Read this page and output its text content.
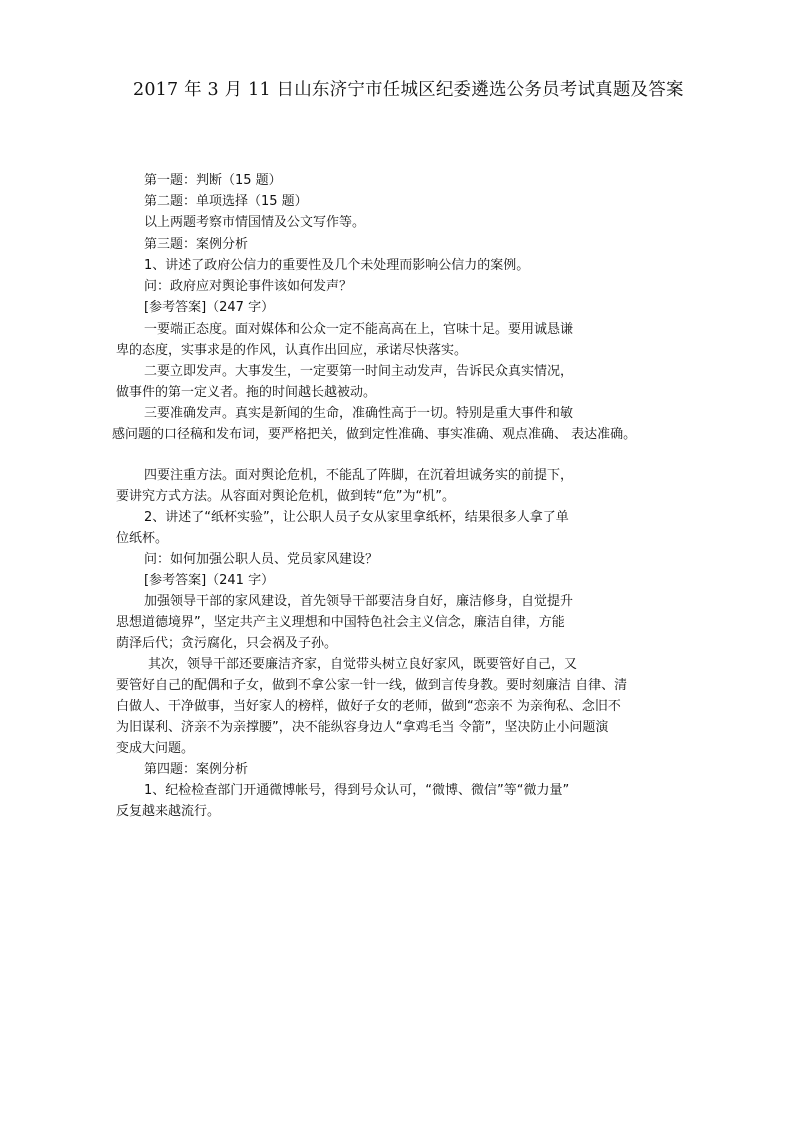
2017 年 3 月 11 日山东济宁市任城区纪委遴选公务员考试真题及答案
第一题：判断（15 题）
第二题：单项选择（15 题）
以上两题考察市情国情及公文写作等。
第三题：案例分析
1、讲述了政府公信力的重要性及几个未处理而影响公信力的案例。
问：政府应对舆论事件该如何发声？
[参考答案]（247 字）
一要端正态度。面对媒体和公众一定不能高高在上，官味十足。要用诚恳谦
卑的态度，实事求是的作风，认真作出回应，承诺尽快落实。
二要立即发声。大事发生，一定要第一时间主动发声，告诉民众真实情况，
做事件的第一定义者。拖的时间越长越被动。
三要准确发声。真实是新闻的生命，准确性高于一切。特别是重大事件和敏
感问题的口径稿和发布词，要严格把关，做到定性准确、事实准确、观点准确、 表达准确。
四要注重方法。面对舆论危机，不能乱了阵脚，在沉着坦诚务实的前提下，
要讲究方式方法。从容面对舆论危机，做到转“危”为“机”。
2、讲述了“纸杯实验”，让公职人员子女从家里拿纸杯，结果很多人拿了单
位纸杯。
问：如何加强公职人员、党员家风建设？
[参考答案]（241 字）
加强领导干部的家风建设，首先领导干部要洁身自好，廉洁修身，自觉提升
思想道德境界”，坚定共产主义理想和中国特色社会主义信念，廉洁自律，方能
荫泽后代；贪污腐化，只会祸及子孙。
其次，领导干部还要廉洁齐家，自觉带头树立良好家风，既要管好自己，又
要管好自己的配偶和子女，做到不拿公家一针一线，做到言传身教。要时刻廉洁 自律、清
白做人、干净做事，当好家人的榜样，做好子女的老师，做到“恋亲不 为亲徇私、念旧不
为旧谋利、济亲不为亲撑腰”，决不能纵容身边人“拿鸡毛当 令箭”，坚决防止小问题演
变成大问题。
第四题：案例分析
1、纪检检查部门开通微博帐号，得到号众认可，“微博、微信”等“微力量”
反复越来越流行。
